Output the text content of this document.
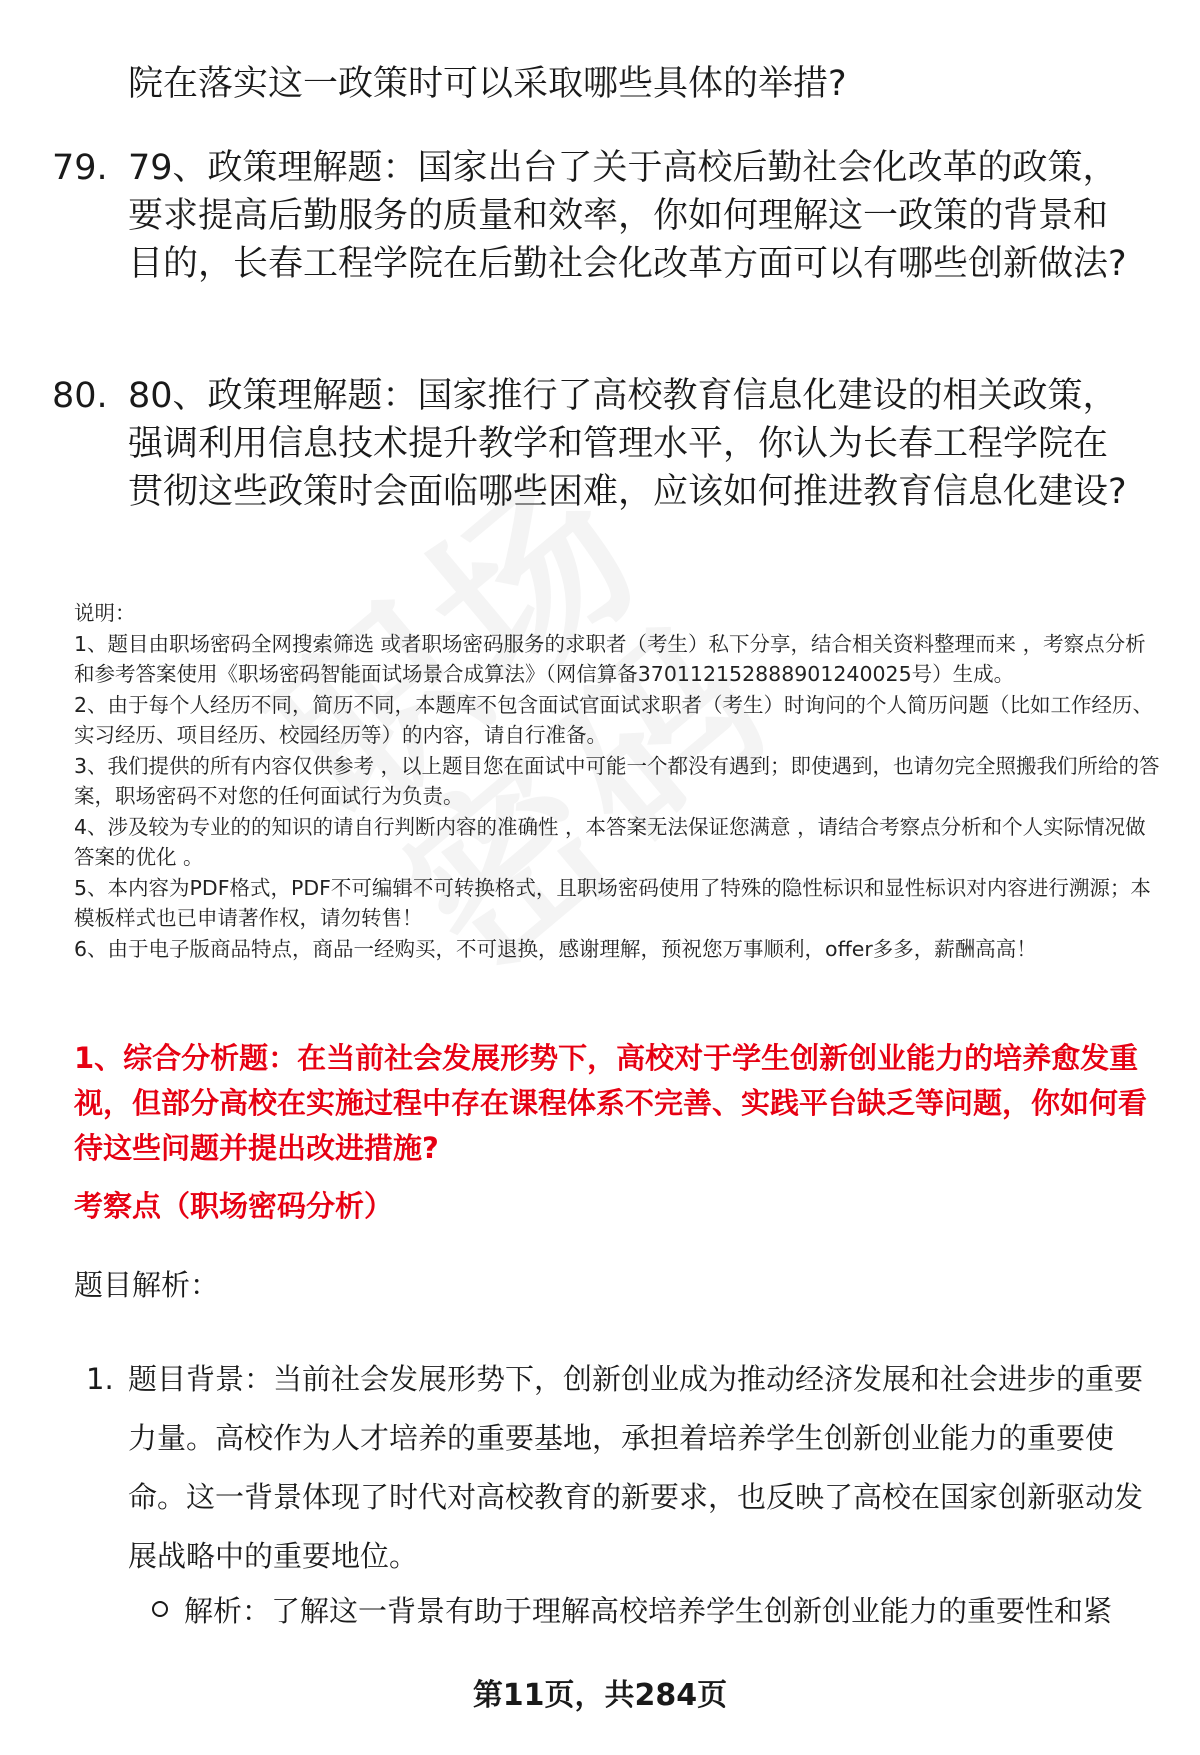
院在落实这一政策时可以采取哪些具体的举措?
79. 79、政策理解题：国家出台了关于高校后勤社会化改革的政策，要求提高后勤服务的质量和效率，你如何理解这一政策的背景和目的，长春工程学院在后勤社会化改革方面可以有哪些创新做法?
80. 80、政策理解题：国家推行了高校教育信息化建设的相关政策，强调利用信息技术提升教学和管理水平，你认为长春工程学院在贯彻这些政策时会面临哪些困难，应该如何推进教育信息化建设?

说明：

1、题目由职场密码全网搜索筛选 或者职场密码服务的求职者（考生）私下分享，结合相关资料整理而来 ，考察点分析和参考答案使用《职场密码智能面试场景合成算法》（网信算备370112152888901240025号）生成。

2、由于每个人经历不同，简历不同，本题库不包含面试官面试求职者（考生）时询问的个人简历问题（比如工作经历、实习经历、项目经历、校园经历等）的内容，请自行准备。

3、我们提供的所有内容仅供参考 ，以上题目您在面试中可能一个都没有遇到；即使遇到，也请勿完全照搬我们所给的答案，职场密码不对您的任何面试行为负责。

4、涉及较为专业的的知识的请自行判断内容的准确性 ，本答案无法保证您满意 ，请结合考察点分析和个人实际情况做答案的优化 。

5、本内容为PDF格式，PDF不可编辑不可转换格式，且职场密码使用了特殊的隐性标识和显性标识对内容进行溯源；本模板样式也已申请著作权，请勿转售！

6、由于电子版商品特点，商品一经购买，不可退换，感谢理解，预祝您万事顺利，offer多多，薪酬高高！

1、综合分析题：在当前社会发展形势下，高校对于学生创新创业能力的培养愈发重视，但部分高校在实施过程中存在课程体系不完善、实践平台缺乏等问题，你如何看待这些问题并提出改进措施?
考察点（职场密码分析）
题目解析：
1. 题目背景：当前社会发展形势下，创新创业成为推动经济发展和社会进步的重要力量。高校作为人才培养的重要基地，承担着培养学生创新创业能力的重要使命。这一背景体现了时代对高校教育的新要求，也反映了高校在国家创新驱动发展战略中的重要地位。
解析：了解这一背景有助于理解高校培养学生创新创业能力的重要性和紧
第11页，共284页
